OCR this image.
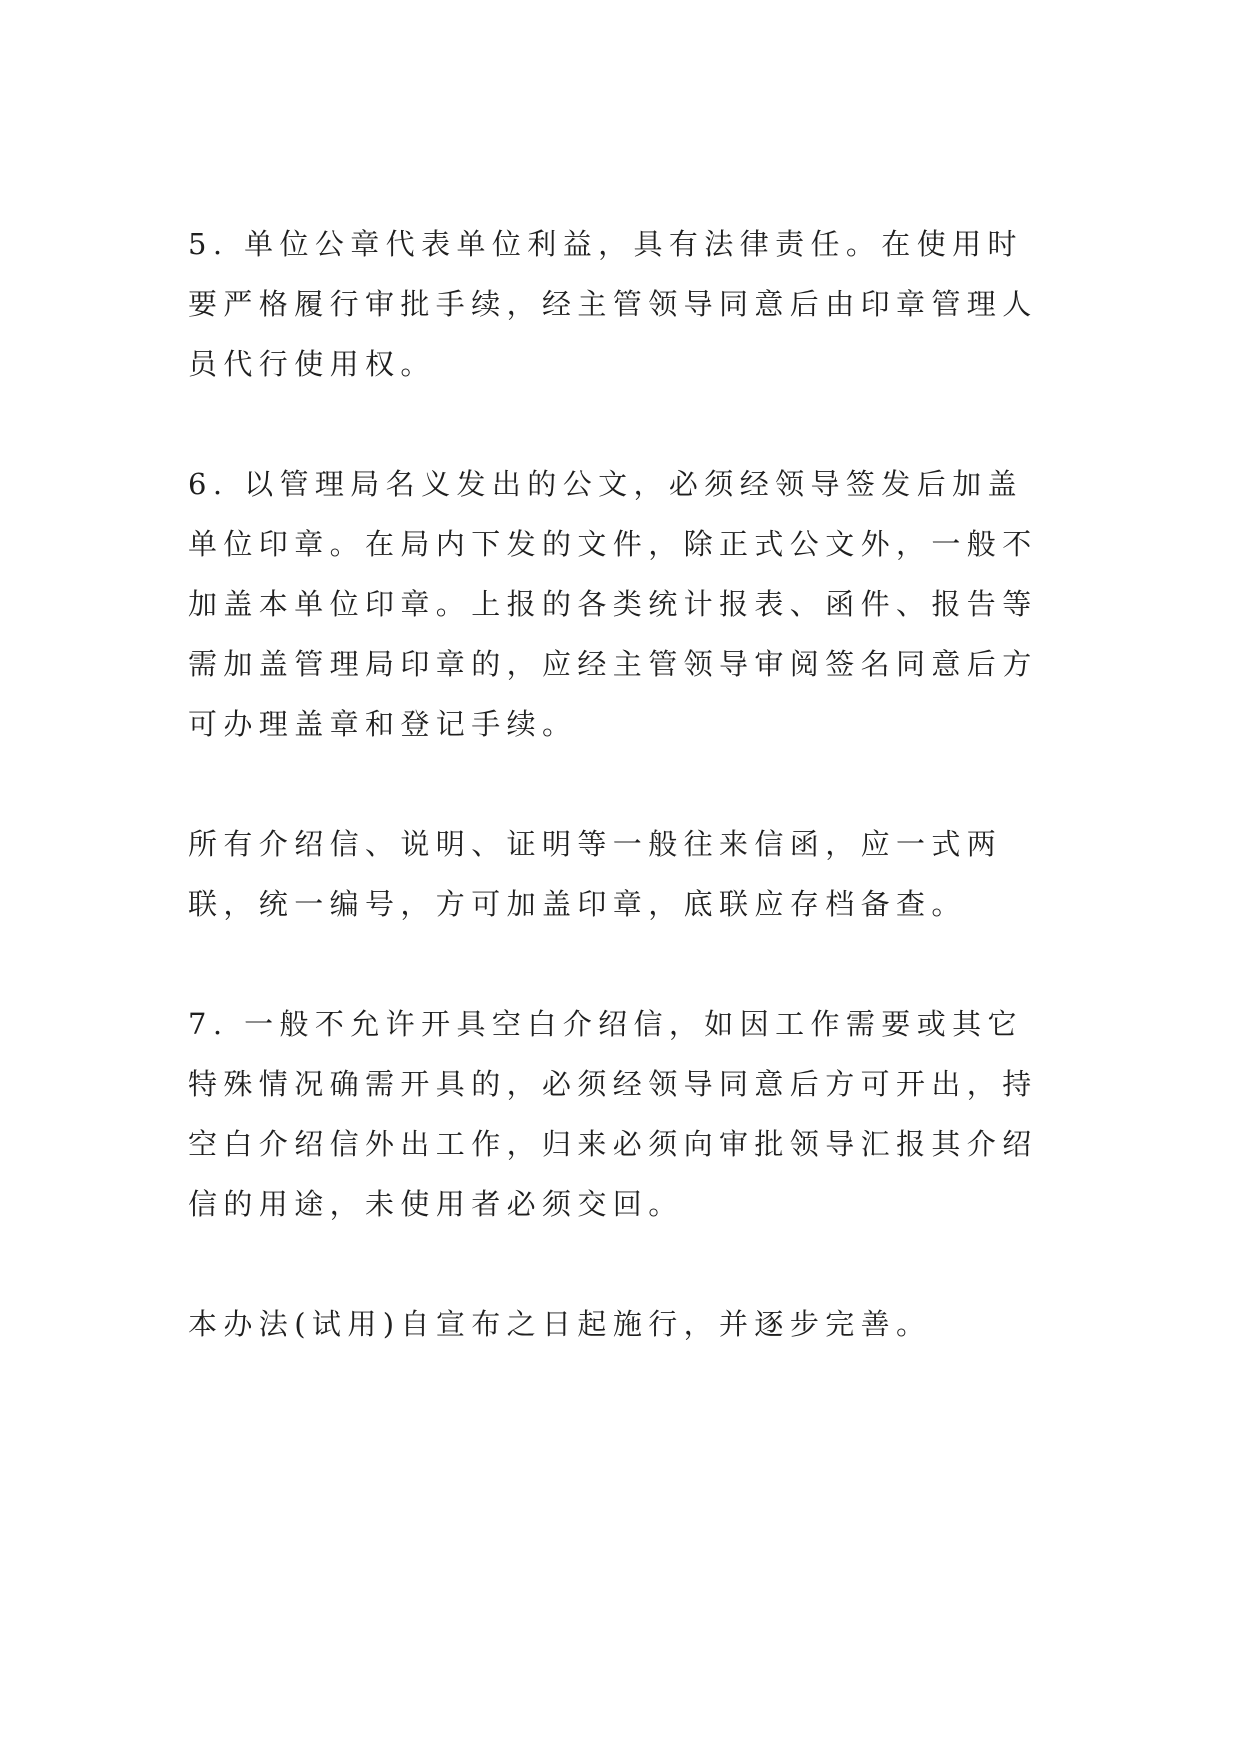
5. 单位公章代表单位利益，具有法律责任。在使用时要严格履行审批手续，经主管领导同意后由印章管理人员代行使用权。

6. 以管理局名义发出的公文，必须经领导签发后加盖单位印章。在局内下发的文件，除正式公文外，一般不加盖本单位印章。上报的各类统计报表、函件、报告等需加盖管理局印章的，应经主管领导审阅签名同意后方可办理盖章和登记手续。

所有介绍信、说明、证明等一般往来信函，应一式两联，统一编号，方可加盖印章，底联应存档备查。

7. 一般不允许开具空白介绍信，如因工作需要或其它特殊情况确需开具的，必须经领导同意后方可开出，持空白介绍信外出工作，归来必须向审批领导汇报其介绍信的用途，未使用者必须交回。

本办法(试用)自宣布之日起施行，并逐步完善。
